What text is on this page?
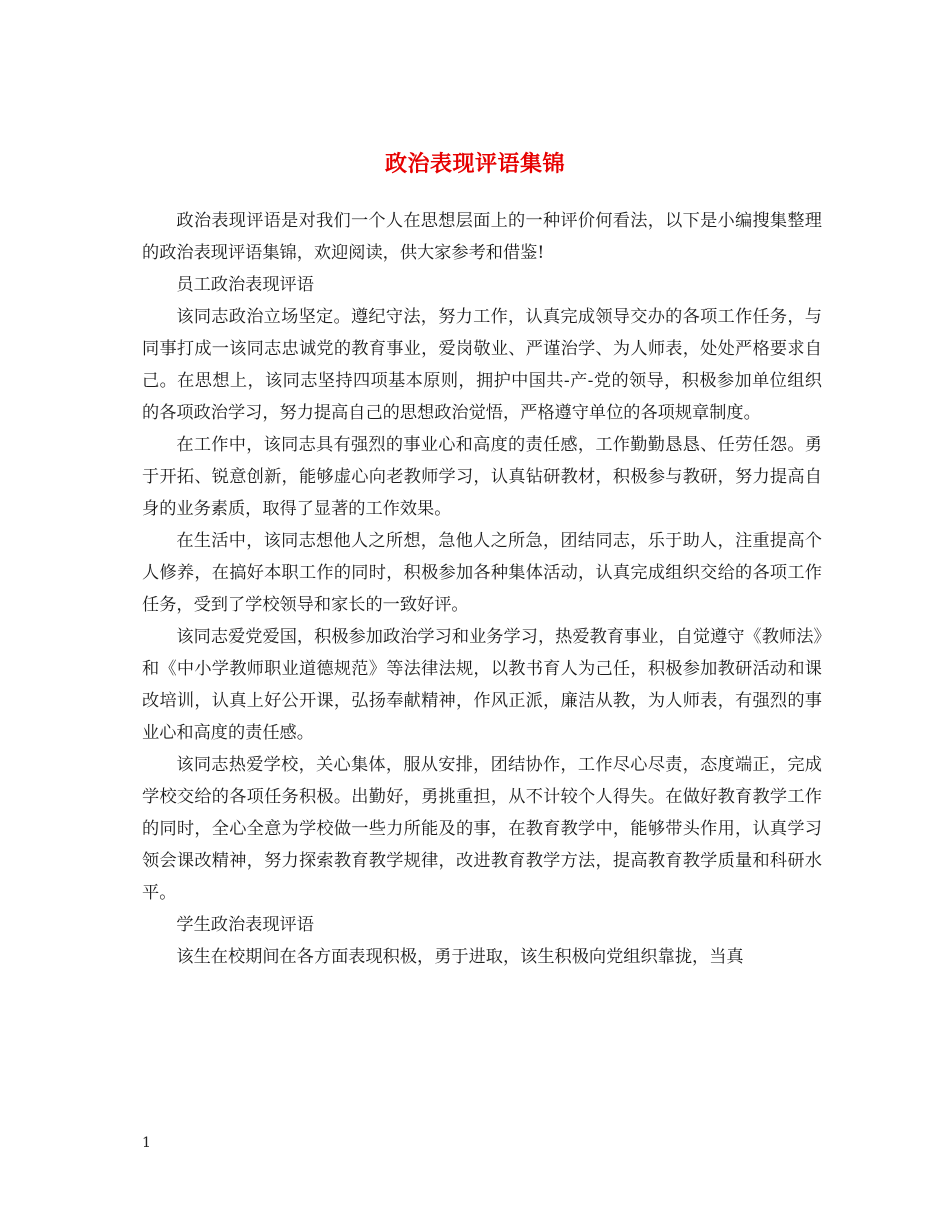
政治表现评语集锦

政治表现评语是对我们一个人在思想层面上的一种评价何看法，以下是小编搜集整理的政治表现评语集锦，欢迎阅读，供大家参考和借鉴!

员工政治表现评语

该同志政治立场坚定。遵纪守法，努力工作，认真完成领导交办的各项工作任务，与同事打成一该同志忠诚党的教育事业，爱岗敬业、严谨治学、为人师表，处处严格要求自己。在思想上，该同志坚持四项基本原则，拥护中国共-产-党的领导，积极参加单位组织的各项政治学习，努力提高自己的思想政治觉悟，严格遵守单位的各项规章制度。

在工作中，该同志具有强烈的事业心和高度的责任感，工作勤勤恳恳、任劳任怨。勇于开拓、锐意创新，能够虚心向老教师学习，认真钻研教材，积极参与教研，努力提高自身的业务素质，取得了显著的工作效果。

在生活中，该同志想他人之所想，急他人之所急，团结同志，乐于助人，注重提高个人修养，在搞好本职工作的同时，积极参加各种集体活动，认真完成组织交给的各项工作任务，受到了学校领导和家长的一致好评。

该同志爱党爱国，积极参加政治学习和业务学习，热爱教育事业，自觉遵守《教师法》和《中小学教师职业道德规范》等法律法规，以教书育人为己任，积极参加教研活动和课改培训，认真上好公开课，弘扬奉献精神，作风正派，廉洁从教，为人师表，有强烈的事业心和高度的责任感。

该同志热爱学校，关心集体，服从安排，团结协作，工作尽心尽责，态度端正，完成学校交给的各项任务积极。出勤好，勇挑重担，从不计较个人得失。在做好教育教学工作的同时，全心全意为学校做一些力所能及的事，在教育教学中，能够带头作用，认真学习领会课改精神，努力探索教育教学规律，改进教育教学方法，提高教育教学质量和科研水平。

学生政治表现评语

该生在校期间在各方面表现积极，勇于进取，该生积极向党组织靠拢，当真

1
